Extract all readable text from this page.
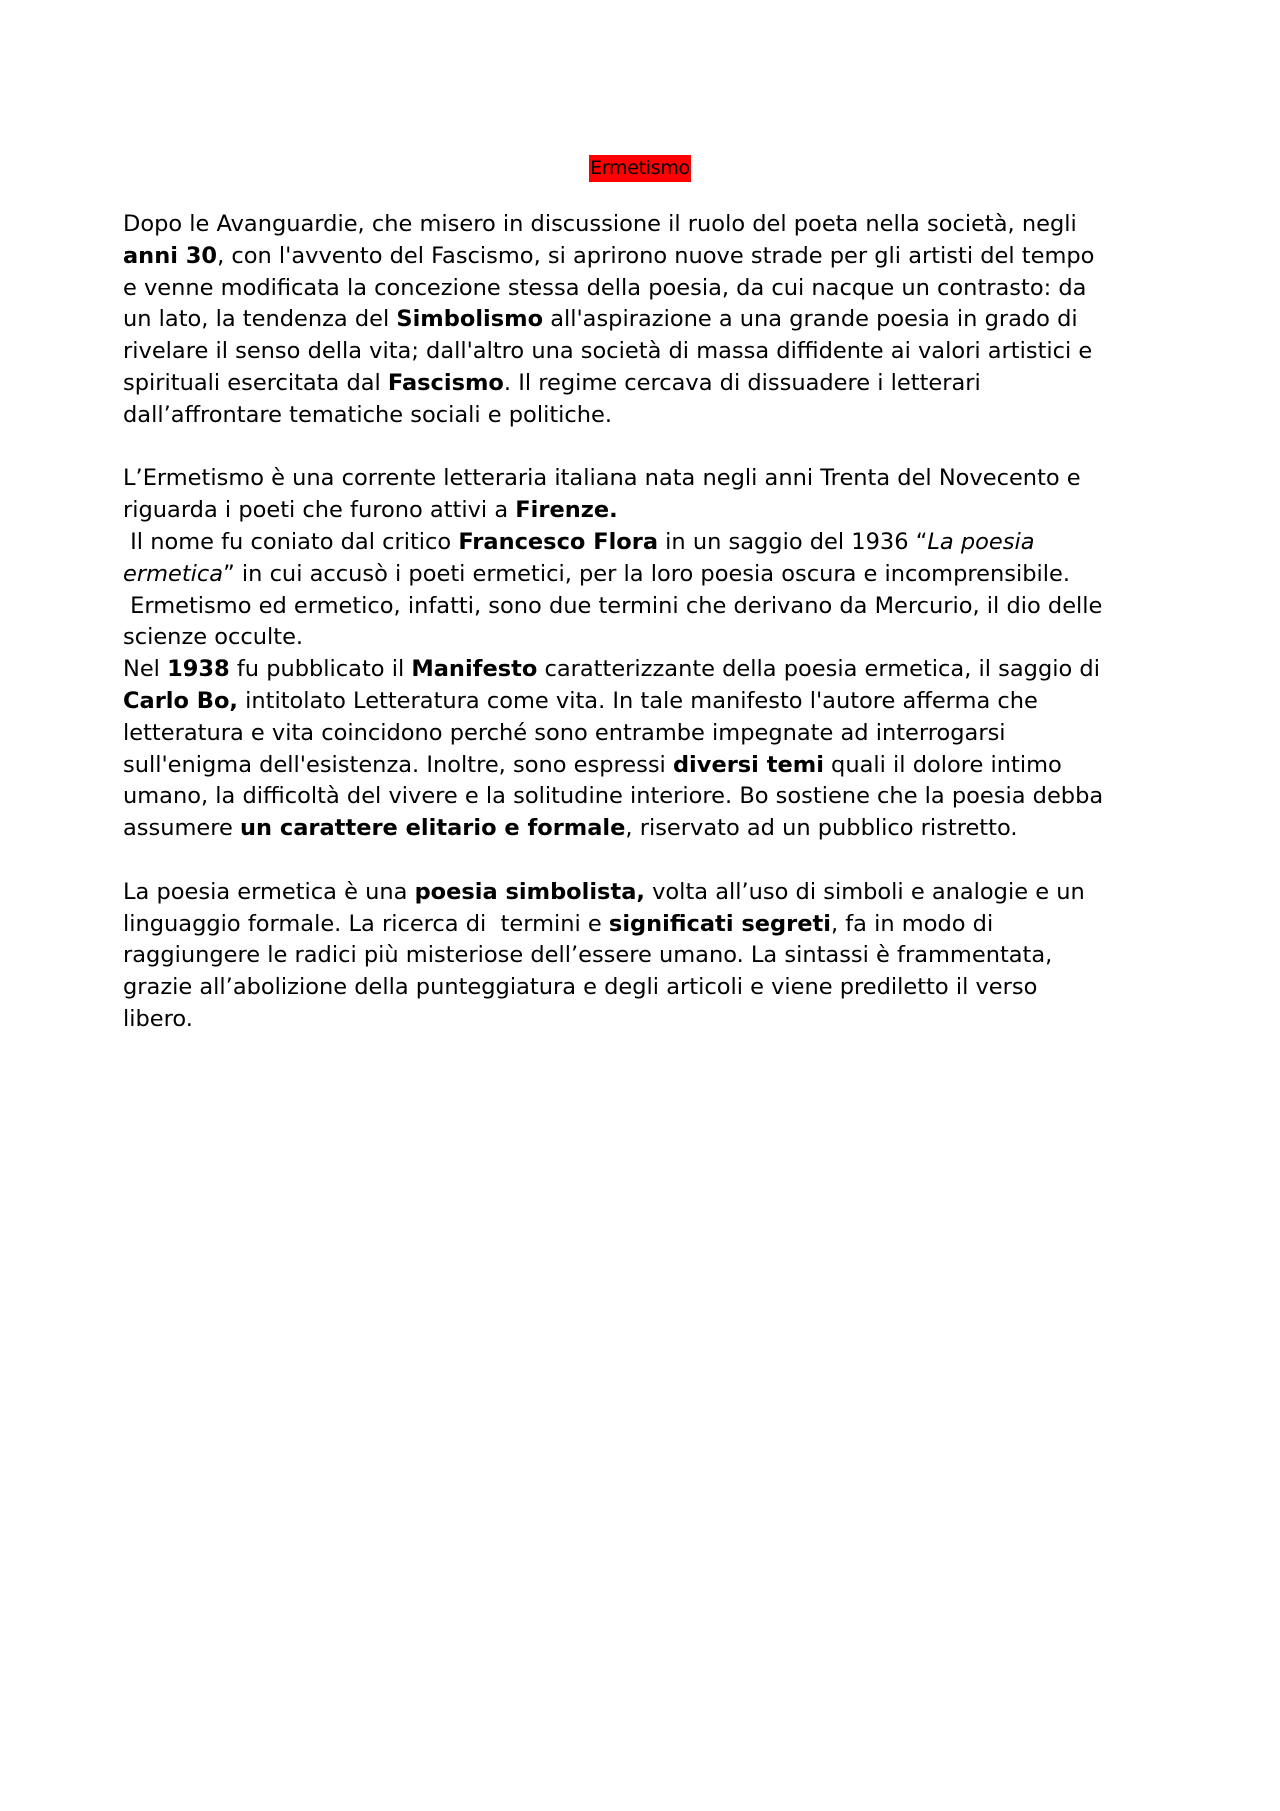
Ermetismo
Dopo le Avanguardie, che misero in discussione il ruolo del poeta nella società, negli
anni 30, con l'avvento del Fascismo, si aprirono nuove strade per gli artisti del tempo
e venne modificata la concezione stessa della poesia, da cui nacque un contrasto: da
un lato, la tendenza del Simbolismo all'aspirazione a una grande poesia in grado di
rivelare il senso della vita; dall'altro una società di massa diffidente ai valori artistici e
spirituali esercitata dal Fascismo. Il regime cercava di dissuadere i letterari
dall’affrontare tematiche sociali e politiche.
L’Ermetismo è una corrente letteraria italiana nata negli anni Trenta del Novecento e
riguarda i poeti che furono attivi a Firenze.
Il nome fu coniato dal critico Francesco Flora in un saggio del 1936 “La poesia
ermetica” in cui accusò i poeti ermetici, per la loro poesia oscura e incomprensibile.
Ermetismo ed ermetico, infatti, sono due termini che derivano da Mercurio, il dio delle
scienze occulte.
Nel 1938 fu pubblicato il Manifesto caratterizzante della poesia ermetica, il saggio di
Carlo Bo, intitolato Letteratura come vita. In tale manifesto l'autore afferma che
letteratura e vita coincidono perché sono entrambe impegnate ad interrogarsi
sull'enigma dell'esistenza. Inoltre, sono espressi diversi temi quali il dolore intimo
umano, la difficoltà del vivere e la solitudine interiore. Bo sostiene che la poesia debba
assumere un carattere elitario e formale, riservato ad un pubblico ristretto.
La poesia ermetica è una poesia simbolista, volta all’uso di simboli e analogie e un
linguaggio formale. La ricerca di  termini e significati segreti, fa in modo di
raggiungere le radici più misteriose dell’essere umano. La sintassi è frammentata,
grazie all’abolizione della punteggiatura e degli articoli e viene prediletto il verso
libero.
